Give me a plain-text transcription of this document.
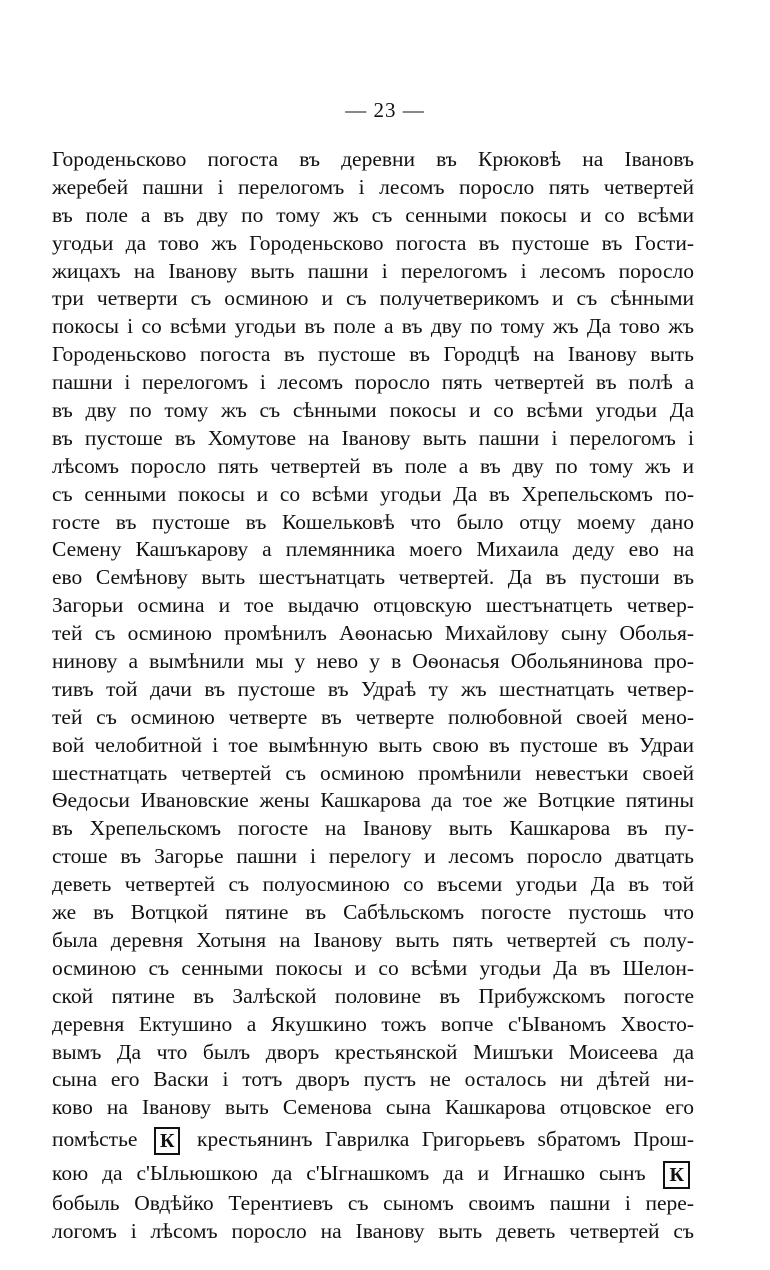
— 23 —
Городеньсково погоста въ деревни въ Крюковѣ на Івановъ
жеребей пашни і перелогомъ і лесомъ поросло пять четвертей
въ поле а въ дву по тому жъ съ сенными покосы и со всѣми
угодьи да тово жъ Городеньсково погоста въ пустоше въ Гости-
жицахъ на Іванову выть пашни і перелогомъ і лесомъ поросло
три четверти съ осминою и съ получетверикомъ и съ сѣнными
покосы і со всѣми угодьи въ поле а въ дву по тому жъ Да тово жъ
Городеньсково погоста въ пустоше въ Городцѣ на Іванову выть
пашни і перелогомъ і лесомъ поросло пять четвертей въ полѣ а
въ дву по тому жъ съ сѣнными покосы и со всѣми угодьи Да
въ пустоше въ Хомутове на Іванову выть пашни і перелогомъ і
лѣсомъ поросло пять четвертей въ поле а въ дву по тому жъ и
съ сенными покосы и со всѣми угодьи Да въ Хрепельскомъ по-
госте въ пустоше въ Кошельковѣ что было отцу моему дано
Семену Кашъкарову а племянника моего Михаила деду ево на
ево Семѣнову выть шестънатцать четвертей. Да въ пустоши въ
Загорьи осмина и тое выдачю отцовскую шестънатцеть четвер-
тей съ осминою промѣнилъ Аѳонасью Михайлову сыну Оболья-
нинову а вымѣнили мы у нево у в Оѳонасья Обольянинова про-
тивъ той дачи въ пустоше въ Удраѣ ту жъ шестнатцать четвер-
тей съ осминою четверте въ четверте полюбовной своей мено-
вой челобитной і тое вымѣнную выть свою въ пустоше въ Удраи
шестнатцать четвертей съ осминою промѣнили невестъки своей
Ѳедосьи Ивановские жены Кашкарова да тое же Вотцкие пятины
въ Хрепельскомъ погосте на Іванову выть Кашкарова въ пу-
стоше въ Загорье пашни і перелогу и лесомъ поросло дватцать
деветь четвертей съ полуосминою со въсеми угодьи Да въ той
же въ Вотцкой пятине въ Сабѣльскомъ погосте пустошь что
была деревня Хотыня на Іванову выть пять четвертей съ полу-
осминою съ сенными покосы и со всѣми угодьи Да въ Шелон-
ской пятине въ Залѣской половине въ Прибужскомъ погосте
деревня Ектушино а Якушкино тожъ вопче с'Ываномъ Хвосто-
вымъ Да что былъ дворъ крестьянской Мишъки Моисеева да
сына его Васки і тотъ дворъ пустъ не осталось ни дѣтей ни-
ково на Іванову выть Семенова сына Кашкарова отцовское его
помѣстье К крестьянинъ Гаврилка Григорьевъ ѕбратомъ Прош-
кою да с'Ыльюшкою да с'Ыгнашкомъ да и Игнашко сынъ К
бобыль Овдѣйко Терентиевъ съ сыномъ своимъ пашни і пере-
логомъ і лѣсомъ поросло на Іванову выть деветь четвертей съ
